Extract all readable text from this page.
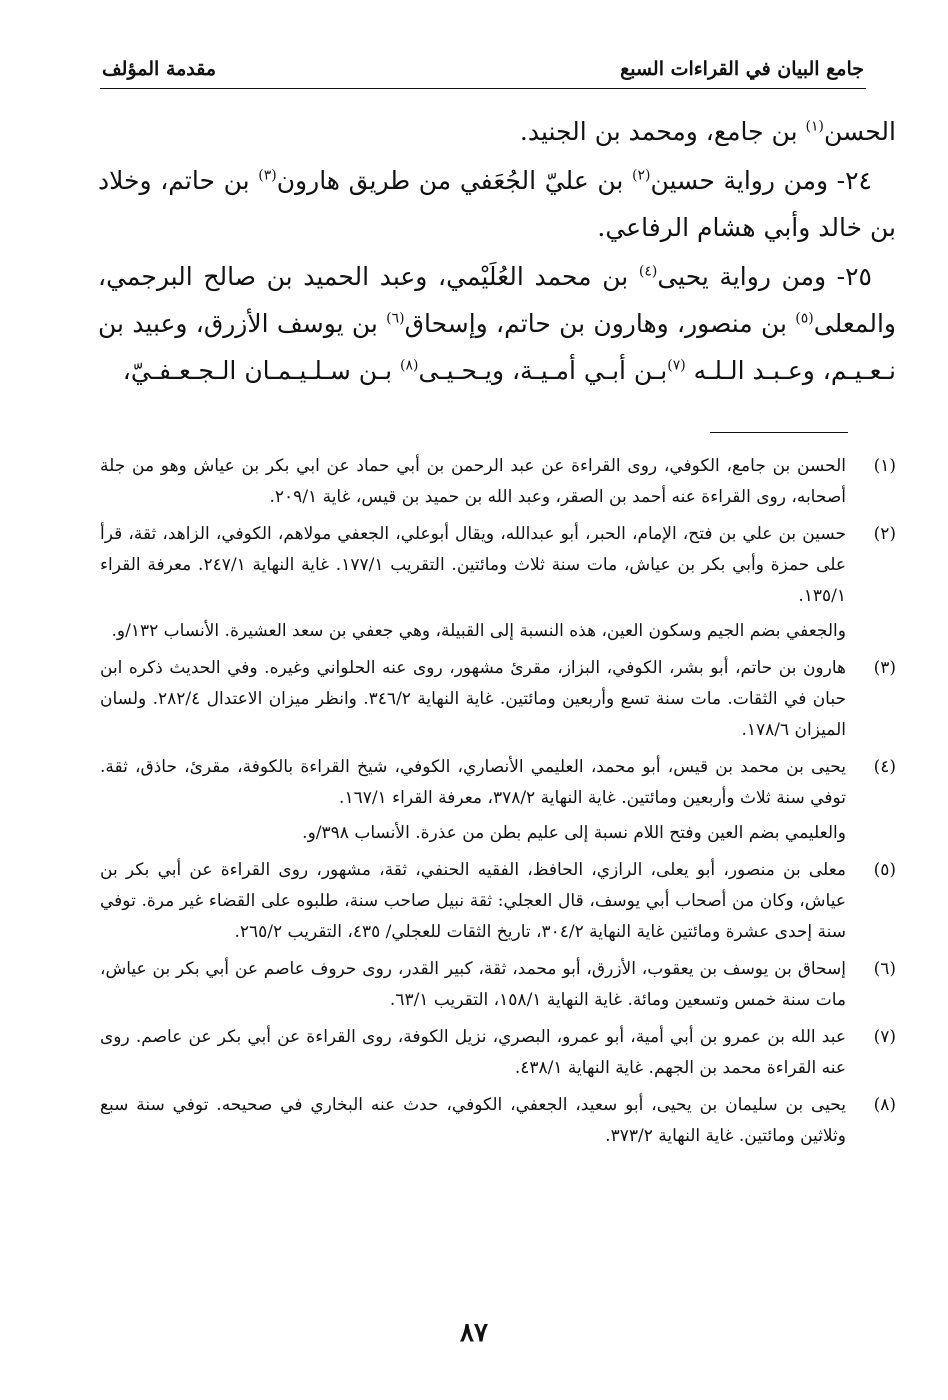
جامع البيان في القراءات السبع
مقدمة المؤلف

الحسن$^{(١)}$ بن جامع، ومحمد بن الجنيد.

٢٤- ومن رواية حسين$^{(٢)}$ بن عليّ الجُعَفي من طريق هارون$^{(٣)}$ بن حاتم، وخلاد بن خالد وأبي هشام الرفاعي.

٢٥- ومن رواية يحيى$^{(٤)}$ بن محمد العُلَيْمي، وعبد الحميد بن صالح البرجمي، والمعلى$^{(٥)}$ بن منصور، وهارون بن حاتم، وإسحاق$^{(٦)}$ بن يوسف الأزرق، وعبيد بن نـعـيـم، وعـبـد الـلـه $^{(٧)}$بـن أبـي أمـيـة، ويـحـيـى$^{(٨)}$ بـن سـلـيـمـان الـجـعـفـيّ،

(١)
الحسن بن جامع، الكوفي، روى القراءة عن عبد الرحمن بن أبي حماد عن ابي بكر بن عياش وهو من جلة أصحابه، روى القراءة عنه أحمد بن الصقر، وعبد الله بن حميد بن قيس، غاية ٢٠٩/١.
(٢)
حسين بن علي بن فتح، الإمام، الحبر، أبو عبدالله، ويقال أبوعلي، الجعفي مولاهم، الكوفي، الزاهد، ثقة، قرأ على حمزة وأبي بكر بن عياش، مات سنة ثلاث ومائتين. التقريب ١٧٧/١. غاية النهاية ٢٤٧/١. معرفة القراء ١٣٥/١.
والجعفي بضم الجيم وسكون العين، هذه النسبة إلى القبيلة، وهي جعفي بن سعد العشيرة. الأنساب ١٣٢/و.
(٣)
هارون بن حاتم، أبو بشر، الكوفي، البزاز، مقرئ مشهور، روى عنه الحلواني وغيره. وفي الحديث ذكره ابن حبان في الثقات. مات سنة تسع وأربعين ومائتين. غاية النهاية ٣٤٦/٢. وانظر ميزان الاعتدال ٢٨٢/٤. ولسان الميزان ١٧٨/٦.
(٤)
يحيى بن محمد بن قيس، أبو محمد، العليمي الأنصاري، الكوفي، شيخ القراءة بالكوفة، مقرئ، حاذق، ثقة. توفي سنة ثلاث وأربعين ومائتين. غاية النهاية ٣٧٨/٢، معرفة القراء ١٦٧/١.
والعليمي بضم العين وفتح اللام نسبة إلى عليم بطن من عذرة. الأنساب ٣٩٨/و.
(٥)
معلى بن منصور، أبو يعلى، الرازي، الحافظ، الفقيه الحنفي، ثقة، مشهور، روى القراءة عن أبي بكر بن عياش، وكان من أصحاب أبي يوسف، قال العجلي: ثقة نبيل صاحب سنة، طلبوه على القضاء غير مرة. توفي سنة إحدى عشرة ومائتين غاية النهاية ٣٠٤/٢، تاريخ الثقات للعجلي/ ٤٣٥، التقريب ٢٦٥/٢.
(٦)
إسحاق بن يوسف بن يعقوب، الأزرق، أبو محمد، ثقة، كبير القدر، روى حروف عاصم عن أبي بكر بن عياش، مات سنة خمس وتسعين ومائة. غاية النهاية ١٥٨/١، التقريب ٦٣/١.
(٧)
عبد الله بن عمرو بن أبي أمية، أبو عمرو، البصري، نزيل الكوفة، روى القراءة عن أبي بكر عن عاصم. روى عنه القراءة محمد بن الجهم. غاية النهاية ٤٣٨/١.
(٨)
يحيى بن سليمان بن يحيى، أبو سعيد، الجعفي، الكوفي، حدث عنه البخاري في صحيحه. توفي سنة سبع وثلاثين ومائتين. غاية النهاية ٣٧٣/٢.
٨٧
